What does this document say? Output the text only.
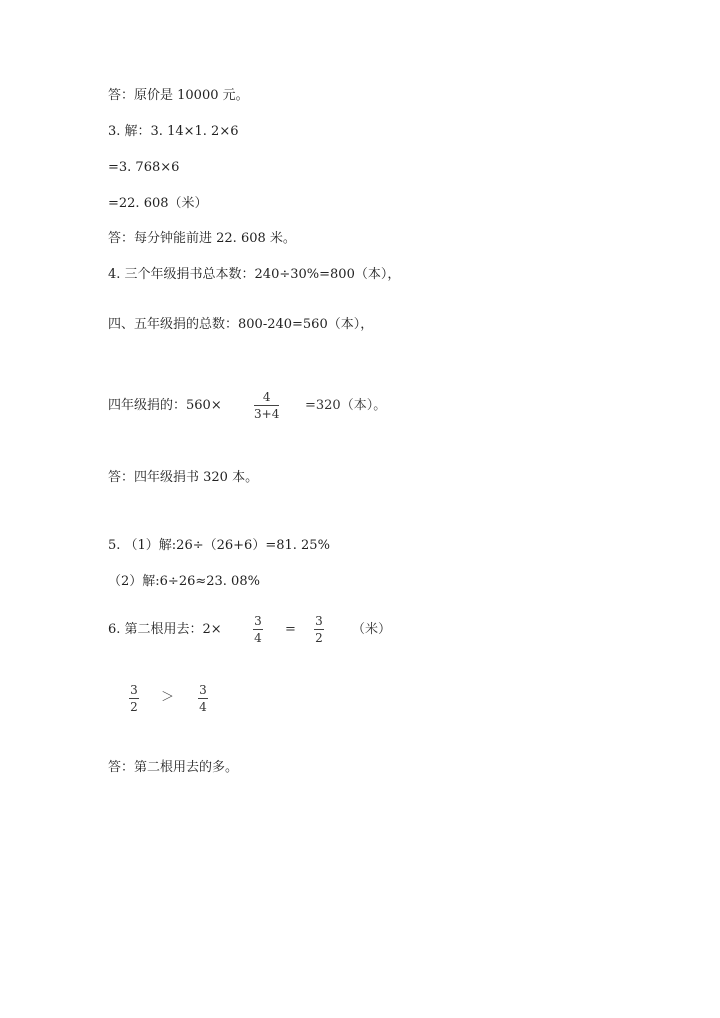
答：原价是 10000 元。
3. 解：3. 14×1. 2×6
=3. 768×6
=22. 608（米）
答：每分钟能前进 22. 608 米。
4. 三个年级捐书总本数：240÷30%=800（本），
四、五年级捐的总数：800-240=560（本），
四年级捐的：560×
4
3+4
=320（本）。
答：四年级捐书 320 本。
5. （1）解:26÷（26+6）=81. 25%
（2）解:6÷26≈23. 08%
6. 第二根用去：2×
3
4
=
3
2
（米）
3
2
＞ 3
4
答：第二根用去的多。
